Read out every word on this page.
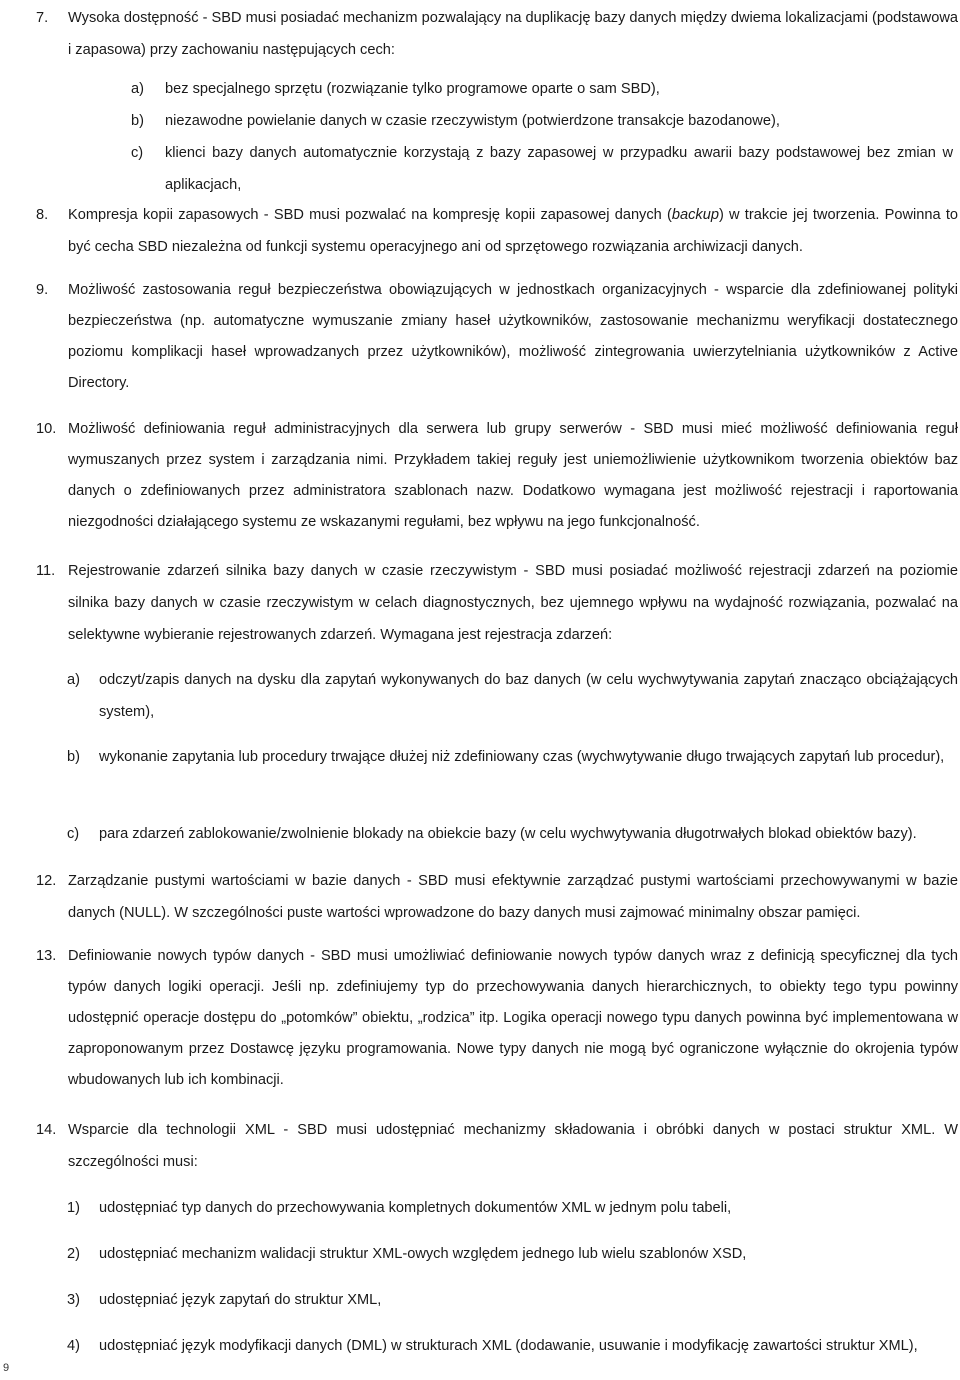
7. Wysoka dostępność - SBD musi posiadać mechanizm pozwalający na duplikację bazy danych między dwiema lokalizacjami (podstawowa i zapasowa) przy zachowaniu następujących cech:

a) bez specjalnego sprzętu (rozwiązanie tylko programowe oparte o sam SBD),
b) niezawodne powielanie danych w czasie rzeczywistym (potwierdzone transakcje bazodanowe),
c) klienci bazy danych automatycznie korzystają z bazy zapasowej w przypadku awarii bazy podstawowej bez zmian w aplikacjach,
8. Kompresja kopii zapasowych - SBD musi pozwalać na kompresję kopii zapasowej danych (backup) w trakcie jej tworzenia. Powinna to być cecha SBD niezależna od funkcji systemu operacyjnego ani od sprzętowego rozwiązania archiwizacji danych.

9. Możliwość zastosowania reguł bezpieczeństwa obowiązujących w jednostkach organizacyjnych - wsparcie dla zdefiniowanej polityki bezpieczeństwa (np. automatyczne wymuszanie zmiany haseł użytkowników, zastosowanie mechanizmu weryfikacji dostatecznego poziomu komplikacji haseł wprowadzanych przez użytkowników), możliwość zintegrowania uwierzytelniania użytkowników z Active Directory.

10. Możliwość definiowania reguł administracyjnych dla serwera lub grupy serwerów - SBD musi mieć możliwość definiowania reguł wymuszanych przez system i zarządzania nimi. Przykładem takiej reguły jest uniemożliwienie użytkownikom tworzenia obiektów baz danych o zdefiniowanych przez administratora szablonach nazw. Dodatkowo wymagana jest możliwość rejestracji i raportowania niezgodności działającego systemu ze wskazanymi regułami, bez wpływu na jego funkcjonalność.

11. Rejestrowanie zdarzeń silnika bazy danych w czasie rzeczywistym - SBD musi posiadać możliwość rejestracji zdarzeń na poziomie silnika bazy danych w czasie rzeczywistym w celach diagnostycznych, bez ujemnego wpływu na wydajność rozwiązania, pozwalać na selektywne wybieranie rejestrowanych zdarzeń. Wymagana jest rejestracja zdarzeń:

a) odczyt/zapis danych na dysku dla zapytań wykonywanych do baz danych (w celu wychwytywania zapytań znacząco obciążających system),
b) wykonanie zapytania lub procedury trwające dłużej niż zdefiniowany czas (wychwytywanie długo trwających zapytań lub procedur),
c) para zdarzeń zablokowanie/zwolnienie blokady na obiekcie bazy (w celu wychwytywania długotrwałych blokad obiektów bazy).
12. Zarządzanie pustymi wartościami w bazie danych - SBD musi efektywnie zarządzać pustymi wartościami przechowywanymi w bazie danych (NULL). W szczególności puste wartości wprowadzone do bazy danych musi zajmować minimalny obszar pamięci.

13. Definiowanie nowych typów danych - SBD musi umożliwiać definiowanie nowych typów danych wraz z definicją specyficznej dla tych typów danych logiki operacji. Jeśli np. zdefiniujemy typ do przechowywania danych hierarchicznych, to obiekty tego typu powinny udostępnić operacje dostępu do „potomków” obiektu, „rodzica” itp. Logika operacji nowego typu danych powinna być implementowana w zaproponowanym przez Dostawcę języku programowania. Nowe typy danych nie mogą być ograniczone wyłącznie do okrojenia typów wbudowanych lub ich kombinacji.

14. Wsparcie dla technologii XML - SBD musi udostępniać mechanizmy składowania i obróbki danych w postaci struktur XML. W szczególności musi:

1) udostępniać typ danych do przechowywania kompletnych dokumentów XML w jednym polu tabeli,
2) udostępniać mechanizm walidacji struktur XML-owych względem jednego lub wielu szablonów XSD,
3) udostępniać język zapytań do struktur XML,
4) udostępniać język modyfikacji danych (DML) w strukturach XML (dodawanie, usuwanie i modyfikację zawartości struktur XML),
9
